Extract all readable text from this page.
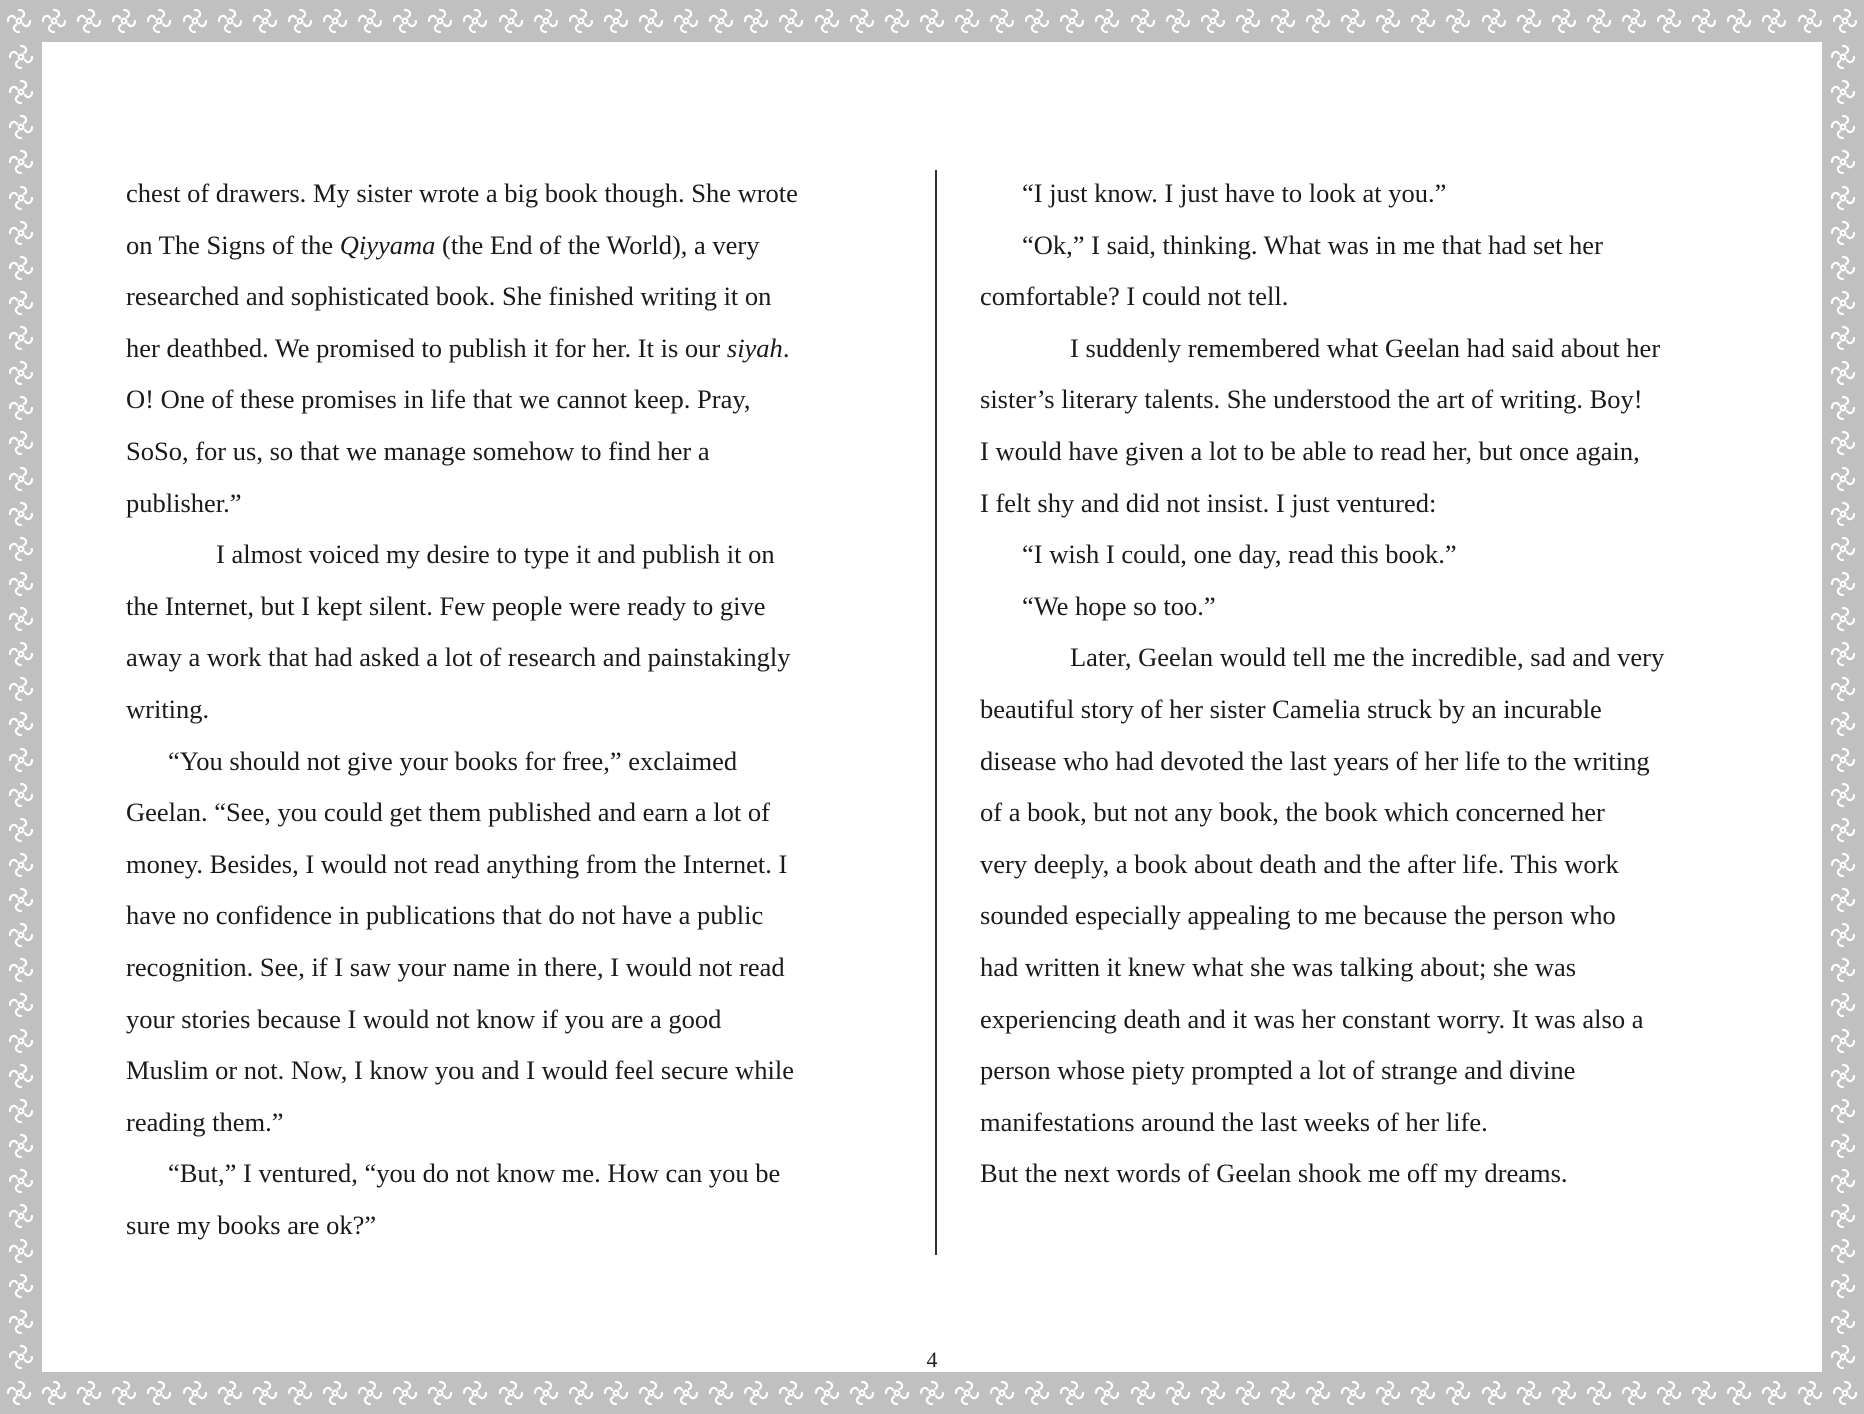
chest of drawers. My sister wrote a big book though. She wrote
on The Signs of the Qiyyama (the End of the World), a very
researched and sophisticated book. She finished writing it on
her deathbed. We promised to publish it for her. It is our siyah.
O! One of these promises in life that we cannot keep. Pray,
SoSo, for us, so that we manage somehow to find her a
publisher.”
I almost voiced my desire to type it and publish it on
the Internet, but I kept silent. Few people were ready to give
away a work that had asked a lot of research and painstakingly
writing.
“You should not give your books for free,” exclaimed
Geelan. “See, you could get them published and earn a lot of
money. Besides, I would not read anything from the Internet. I
have no confidence in publications that do not have a public
recognition. See, if I saw your name in there, I would not read
your stories because I would not know if you are a good
Muslim or not. Now, I know you and I would feel secure while
reading them.”
“But,” I ventured, “you do not know me. How can you be
sure my books are ok?”
“I just know. I just have to look at you.”
“Ok,” I said, thinking. What was in me that had set her
comfortable? I could not tell.
I suddenly remembered what Geelan had said about her
sister’s literary talents. She understood the art of writing. Boy!
I would have given a lot to be able to read her, but once again,
I felt shy and did not insist. I just ventured:
“I wish I could, one day, read this book.”
“We hope so too.”
Later, Geelan would tell me the incredible, sad and very
beautiful story of her sister Camelia struck by an incurable
disease who had devoted the last years of her life to the writing
of a book, but not any book, the book which concerned her
very deeply, a book about death and the after life. This work
sounded especially appealing to me because the person who
had written it knew what she was talking about; she was
experiencing death and it was her constant worry. It was also a
person whose piety prompted a lot of strange and divine
manifestations around the last weeks of her life.
But the next words of Geelan shook me off my dreams.
4
